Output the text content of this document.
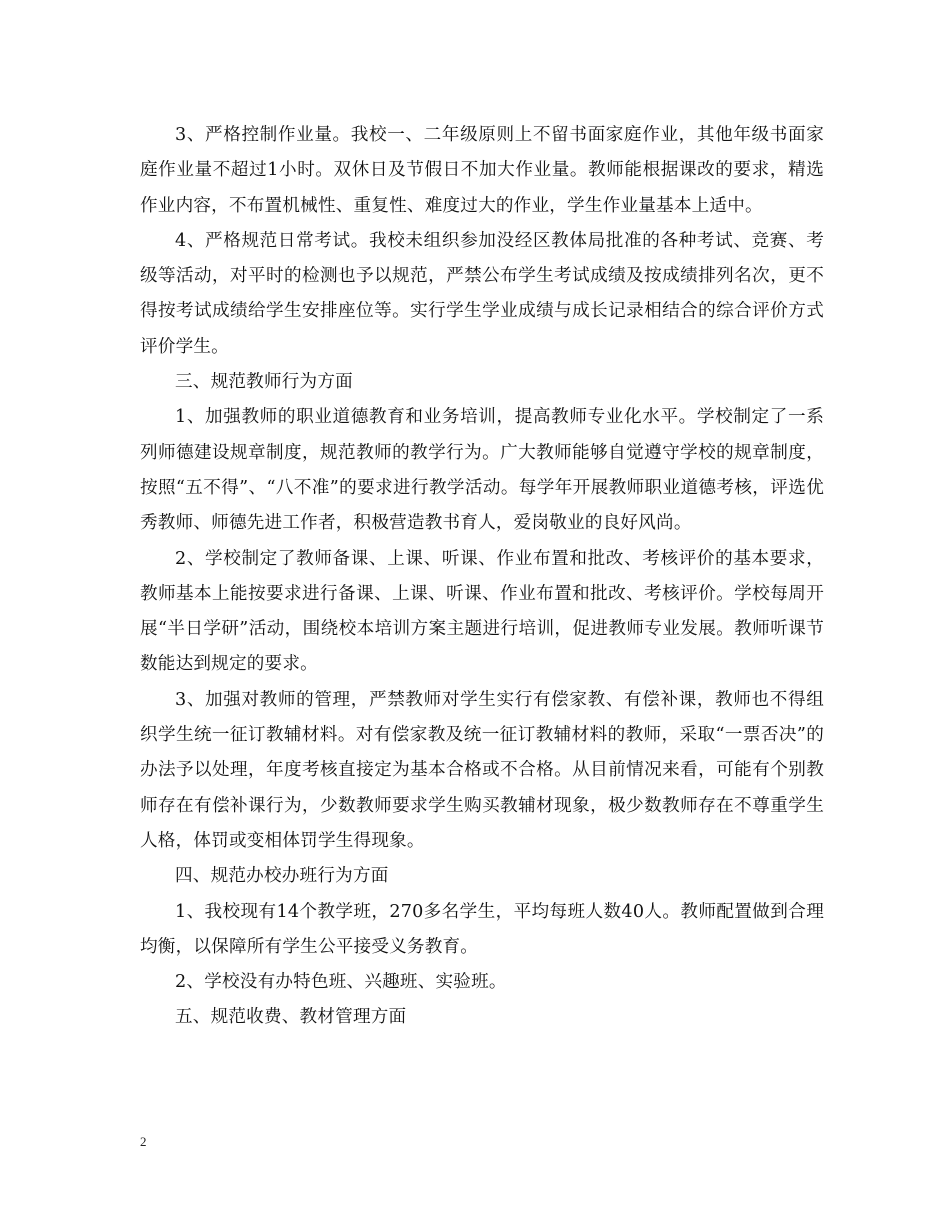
3、严格控制作业量。我校一、二年级原则上不留书面家庭作业，其他年级书面家庭作业量不超过1小时。双休日及节假日不加大作业量。教师能根据课改的要求，精选作业内容，不布置机械性、重复性、难度过大的作业，学生作业量基本上适中。

4、严格规范日常考试。我校未组织参加没经区教体局批准的各种考试、竞赛、考级等活动，对平时的检测也予以规范，严禁公布学生考试成绩及按成绩排列名次，更不得按考试成绩给学生安排座位等。实行学生学业成绩与成长记录相结合的综合评价方式评价学生。

三、规范教师行为方面

1、加强教师的职业道德教育和业务培训，提高教师专业化水平。学校制定了一系列师德建设规章制度，规范教师的教学行为。广大教师能够自觉遵守学校的规章制度，按照“五不得”、“八不准”的要求进行教学活动。每学年开展教师职业道德考核，评选优秀教师、师德先进工作者，积极营造教书育人，爱岗敬业的良好风尚。

2、学校制定了教师备课、上课、听课、作业布置和批改、考核评价的基本要求，教师基本上能按要求进行备课、上课、听课、作业布置和批改、考核评价。学校每周开展“半日学研”活动，围绕校本培训方案主题进行培训，促进教师专业发展。教师听课节数能达到规定的要求。

3、加强对教师的管理，严禁教师对学生实行有偿家教、有偿补课，教师也不得组织学生统一征订教辅材料。对有偿家教及统一征订教辅材料的教师，采取“一票否决”的办法予以处理，年度考核直接定为基本合格或不合格。从目前情况来看，可能有个别教师存在有偿补课行为，少数教师要求学生购买教辅材现象，极少数教师存在不尊重学生人格，体罚或变相体罚学生得现象。

四、规范办校办班行为方面

1、我校现有14个教学班，270多名学生，平均每班人数40人。教师配置做到合理均衡，以保障所有学生公平接受义务教育。

2、学校没有办特色班、兴趣班、实验班。

五、规范收费、教材管理方面

2
